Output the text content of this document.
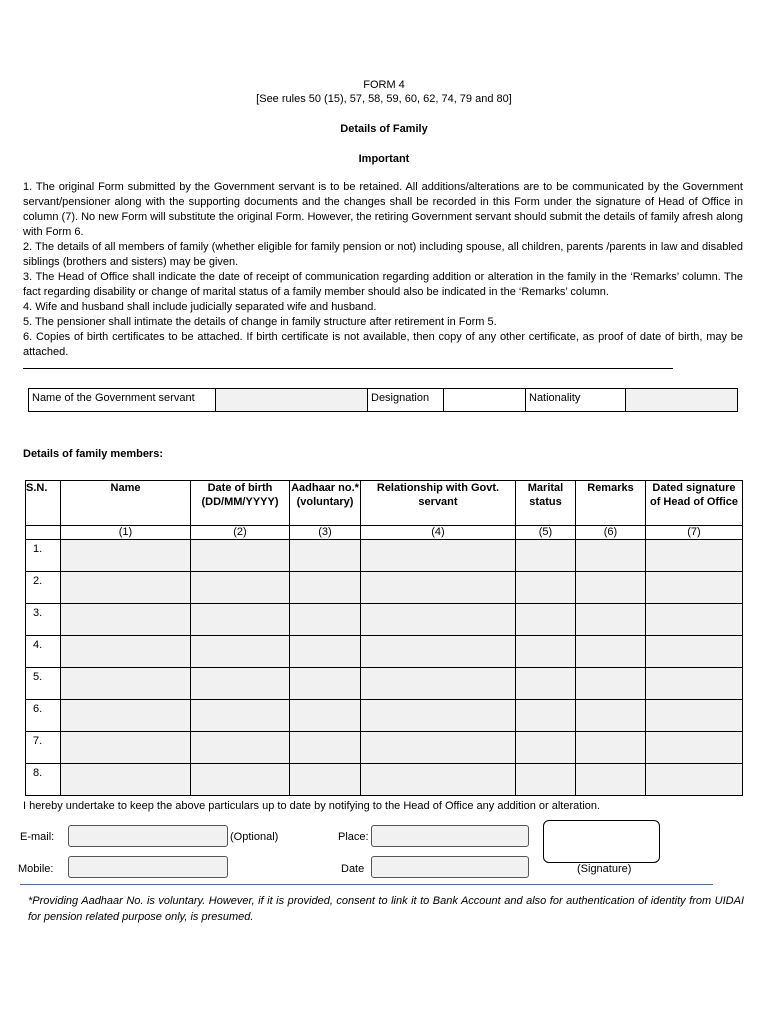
FORM 4
[See rules 50 (15), 57, 58, 59, 60, 62, 74, 79 and 80]
Details of Family
Important

1. The original Form submitted by the Government servant is to be retained. All additions/alterations are to be communicated by the Government servant/pensioner along with the supporting documents and the changes shall be recorded in this Form under the signature of Head of Office in column (7). No new Form will substitute the original Form. However, the retiring Government servant should submit the details of family afresh along with Form 6.

2. The details of all members of family (whether eligible for family pension or not) including spouse, all children, parents /parents in law and disabled siblings (brothers and sisters) may be given.

3. The Head of Office shall indicate the date of receipt of communication regarding addition or alteration in the family in the ‘Remarks’ column. The fact regarding disability or change of marital status of a family member should also be indicated in the ‘Remarks’ column.

4. Wife and husband shall include judicially separated wife and husband.

5. The pensioner shall intimate the details of change in family structure after retirement in Form 5.

6. Copies of birth certificates to be attached. If birth certificate is not available, then copy of any other certificate, as proof of date of birth, may be attached.

Name of the Government servant	Designation	Nationality
Details of family members:
S.N.	Name	Date of birth (DD/MM/YYYY)	Aadhaar no.* (voluntary)	Relationship with Govt. servant	Marital status	Remarks	Dated signature of Head of Office
	(1)	(2)	(3)	(4)	(5)	(6)	(7)
1.							
2.							
3.							
4.							
5.							
6.							
7.							
8.							
I hereby undertake to keep the above particulars up to date by notifying to the Head of Office any addition or alteration.
E-mail:	(Optional)
Mobile:
Place:
Date	(Signature)
*Providing Aadhaar No. is voluntary. However, if it is provided, consent to link it to Bank Account and also for authentication of identity from UIDAI for pension related purpose only, is presumed.
